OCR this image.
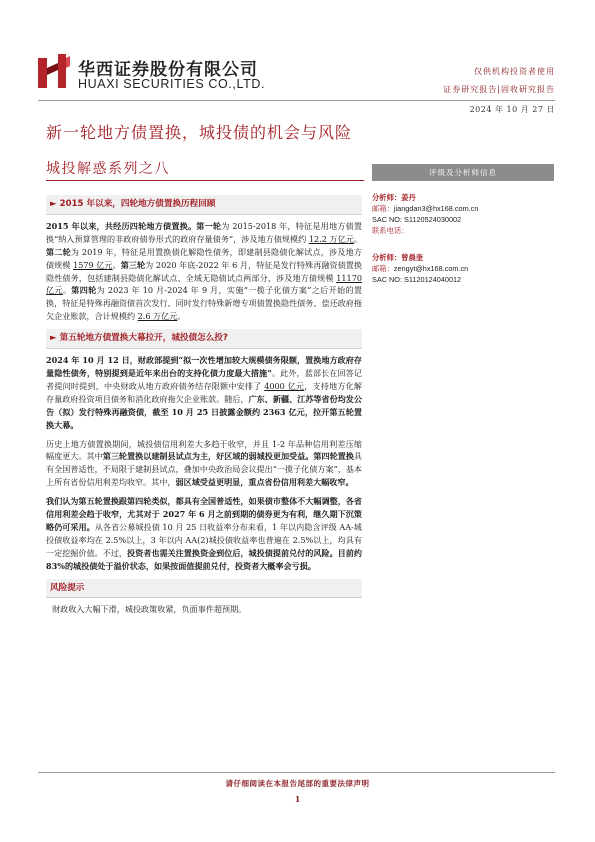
华西证券股份有限公司
HUAXI SECURITIES CO.,LTD.
仅供机构投资者使用
证券研究报告|固收研究报告
2024 年 10 月 27 日
新一轮地方债置换，城投债的机会与风险
城投解惑系列之八
► 2015 年以来，四轮地方债置换历程回顾

2015 年以来，共经历四轮地方债置换。第一轮为 2015-2018 年，特征是用地方债置换“纳入预算管理的非政府债券形式的政府存量债务”，涉及地方债规模约 12.2 万亿元。第二轮为 2019 年，特征是用置换债化解隐性债务，即建制县隐债化解试点，涉及地方债规模 1579 亿元。第三轮为 2020 年底-2022 年 6 月，特征是发行特殊再融资债置换隐性债务，包括建制县隐债化解试点、全域无隐债试点两部分，涉及地方债规模 11170 亿元。第四轮为 2023 年 10 月-2024 年 9 月，实施“一揽子化债方案”之后开始的置换，特征是特殊再融资债首次发行、同时发行特殊新增专项债置换隐性债务、偿还政府拖欠企业账款，合计规模约 2.6 万亿元。

► 第五轮地方债置换大幕拉开，城投债怎么投?

2024 年 10 月 12 日，财政部提到“拟一次性增加较大规模债务限额，置换地方政府存量隐性债务，特别提到是近年来出台的支持化债力度最大措施”。此外，蓝部长在回答记者提问时提到，中央财政从地方政府债务结存限额中安排了 4000 亿元，支持地方化解存量政府投资项目债务和消化政府拖欠企业账款。随后，广东、新疆、江苏等省份均发公告（拟）发行特殊再融资债，截至 10 月 25 日披露金额约 2363 亿元，拉开第五轮置换大幕。

历史上地方债置换期间，城投债信用利差大多趋于收窄，并且 1-2 年品种信用利差压缩幅度更大。其中第三轮置换以建制县试点为主，好区域的弱城投更加受益。第四轮置换具有全国普适性，不局限于建制县试点，叠加中央政治局会议提出“一揽子化债方案”，基本上所有省份信用利差均收窄。其中，弱区域受益更明显，重点省份信用利差大幅收窄。

我们认为第五轮置换跟第四轮类似，都具有全国普适性，如果债市整体不大幅调整，各省信用利差会趋于收窄，尤其对于 2027 年 6 月之前到期的债券更为有利，继久期下沉策略仍可采用。从各省公募城投债 10 月 25 日收益率分布来看，1 年以内隐含评级 AA-城投债收益率均在 2.5%以上，3 年以内 AA(2)城投债收益率也普遍在 2.5%以上，均具有一定挖掘价值。不过，投资者也需关注置换资金到位后，城投债提前兑付的风险。目前约 83%的城投债处于溢价状态，如果按面值提前兑付，投资者大概率会亏损。

风险提示

财政收入大幅下滑，城投政策收紧，负面事件超预期。

评级及分析师信息
分析师：姜丹
邮箱：jiangdan3@hx168.com.cn
SAC NO: S1120524030002
联系电话：
分析师：曾晨奎
邮箱：zengyt@hx168.com.cn
SAC NO: S1120124040012
请仔细阅读在本报告尾部的重要法律声明
1
